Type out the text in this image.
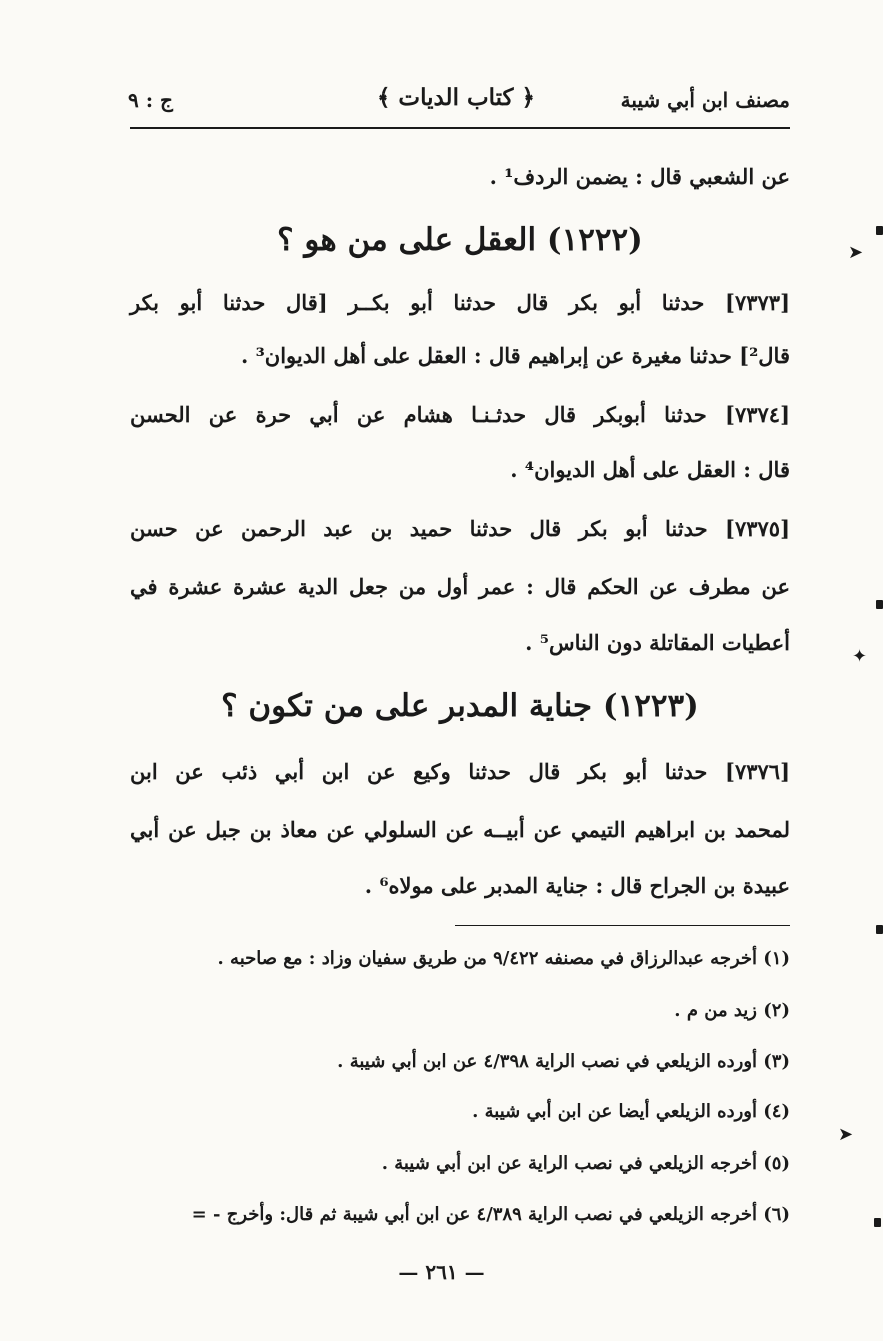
مصنف ابن أبي شيبة
﴿ كتاب الديات ﴾
ج : ٩
عن الشعبي قال : يضمن الردف¹ .
(١٢٢٢) العقل على من هو ؟
[٧٣٧٣] حدثنا أبو بكر قال حدثنا أبو بكــر [قال حدثنا أبو بكر
قال²] حدثنا مغيرة عن إبراهيم قال : العقل على أهل الديوان³ .
[٧٣٧٤] حدثنا أبوبكر قال حدثـنـا هشام عن أبي حرة عن الحسن
قال : العقل على أهل الديوان⁴ .
[٧٣٧٥] حدثنا أبو بكر قال حدثنا حميد بن عبد الرحمن عن حسن
عن مطرف عن الحكم قال : عمر أول من جعل الدية عشرة عشرة في
أعطيات المقاتلة دون الناس⁵ .
(١٢٢٣) جناية المدبر على من تكون ؟
[٧٣٧٦] حدثنا أبو بكر قال حدثنا وكيع عن ابن أبي ذئب عن ابن
لمحمد بن ابراهيم التيمي عن أبيــه عن السلولي عن معاذ بن جبل عن أبي
عبيدة بن الجراح قال : جناية المدبر على مولاه⁶ .
(١) أخرجه عبدالرزاق في مصنفه ٩/٤٢٢ من طريق سفيان وزاد : مع صاحبه .
(٢) زيد من م .
(٣) أورده الزيلعي في نصب الراية ٤/٣٩٨ عن ابن أبي شيبة .
(٤) أورده الزيلعي أيضا عن ابن أبي شيبة .
(٥) أخرجه الزيلعي في نصب الراية عن ابن أبي شيبة .
(٦) أخرجه الزيلعي في نصب الراية ٤/٣٨٩ عن ابن أبي شيبة ثم قال: وأخرج - =
— ٢٦١ —
➤
✦
➤
